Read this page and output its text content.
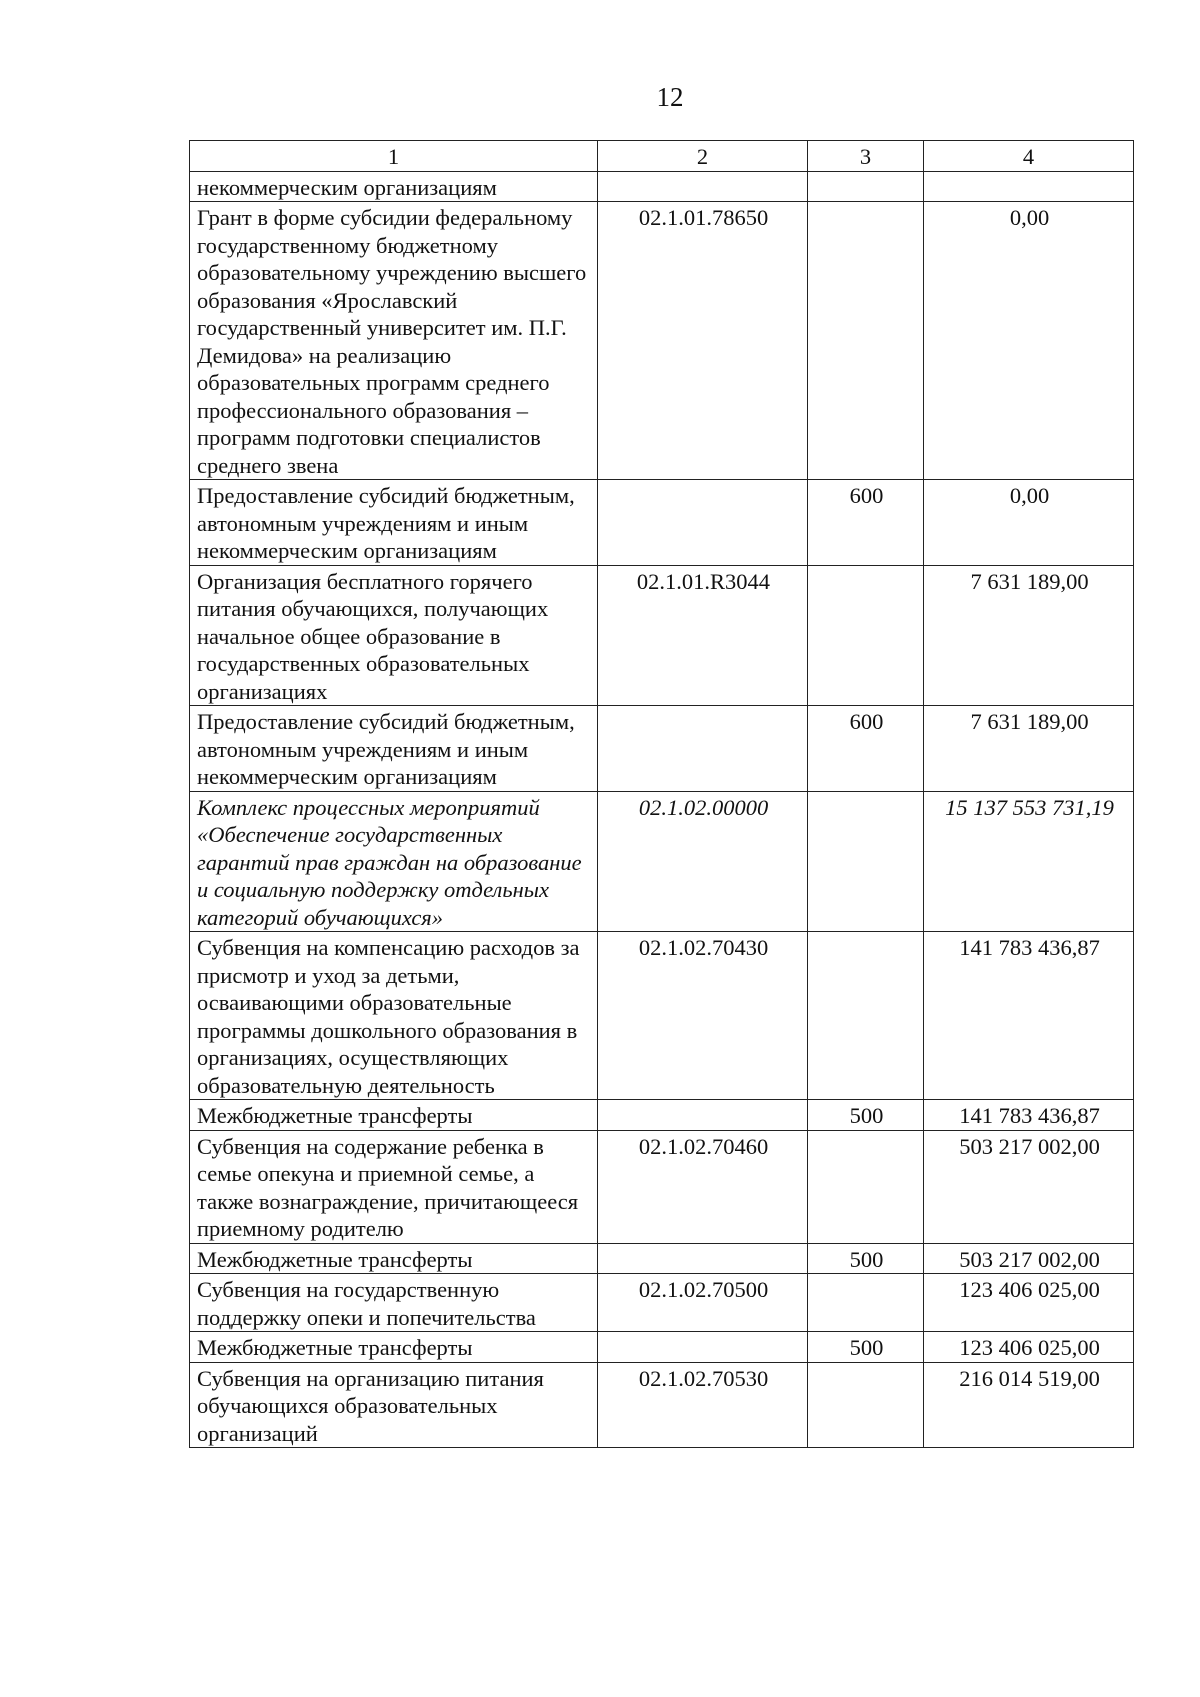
12
1	2	3	4
некоммерческим организациям			
Грант в форме субсидии федеральному государственному бюджетному образовательному учреждению высшего образования «Ярославский государственный университет им. П.Г. Демидова» на реализацию образовательных программ среднего профессионального образования – программ подготовки специалистов среднего звена	02.1.01.78650		0,00
Предоставление субсидий бюджетным, автономным учреждениям и иным некоммерческим организациям		600	0,00
Организация бесплатного горячего питания обучающихся, получающих начальное общее образование в государственных образовательных организациях	02.1.01.R3044		7 631 189,00
Предоставление субсидий бюджетным, автономным учреждениям и иным некоммерческим организациям		600	7 631 189,00
Комплекс процессных мероприятий «Обеспечение государственных гарантий прав граждан на образование и социальную поддержку отдельных категорий обучающихся»	02.1.02.00000		15 137 553 731,19
Субвенция на компенсацию расходов за присмотр и уход за детьми, осваивающими образовательные программы дошкольного образования в организациях, осуществляющих образовательную деятельность	02.1.02.70430		141 783 436,87
Межбюджетные трансферты		500	141 783 436,87
Субвенция на содержание ребенка в семье опекуна и приемной семье, а также вознаграждение, причитающееся приемному родителю	02.1.02.70460		503 217 002,00
Межбюджетные трансферты		500	503 217 002,00
Субвенция на государственную поддержку опеки и попечительства	02.1.02.70500		123 406 025,00
Межбюджетные трансферты		500	123 406 025,00
Субвенция на организацию питания обучающихся образовательных организаций	02.1.02.70530		216 014 519,00
